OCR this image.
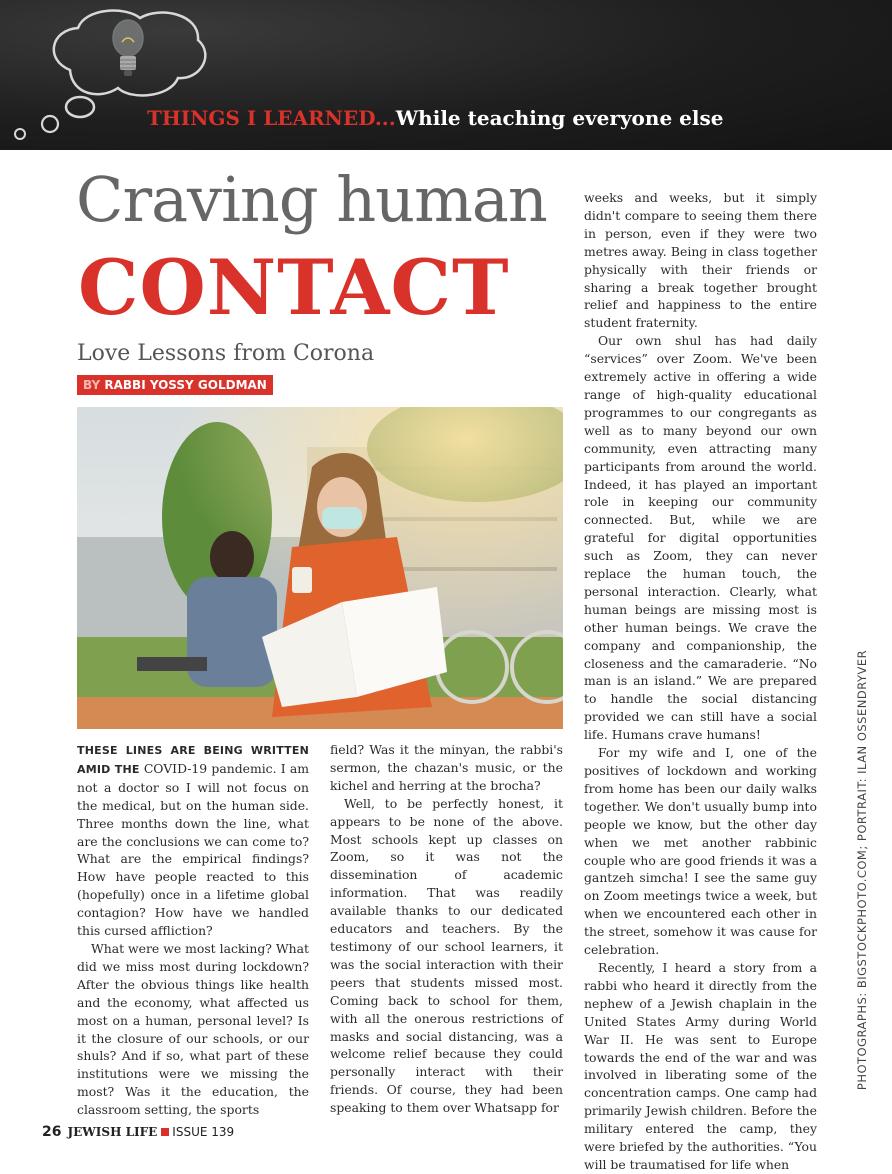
THINGS I LEARNED...While teaching everyone else
Craving human
CONTACT
Love Lessons from Corona
BY RABBI YOSSY GOLDMAN

THESE LINES ARE BEING WRITTEN AMID THE COVID-19 pandemic. I am not a doctor so I will not focus on the medical, but on the human side. Three months down the line, what are the conclusions we can come to? What are the empirical findings? How have people reacted to this (hopefully) once in a lifetime global contagion? How have we handled this cursed affliction?

What were we most lacking? What did we miss most during lockdown? After the obvious things like health and the economy, what affected us most on a human, personal level? Is it the closure of our schools, or our shuls? And if so, what part of these institutions were we missing the most? Was it the education, the classroom setting, the sports

field? Was it the minyan, the rabbi's sermon, the chazan's music, or the kichel and herring at the brocha?

Well, to be perfectly honest, it appears to be none of the above. Most schools kept up classes on Zoom, so it was not the dissemination of academic information. That was readily available thanks to our dedicated educators and teachers. By the testimony of our school learners, it was the social interaction with their peers that students missed most. Coming back to school for them, with all the onerous restrictions of masks and social distancing, was a welcome relief because they could personally interact with their friends. Of course, they had been speaking to them over Whatsapp for

weeks and weeks, but it simply didn't compare to seeing them there in person, even if they were two metres away. Being in class together physically with their friends or sharing a break together brought relief and happiness to the entire student fraternity.

Our own shul has had daily “services” over Zoom. We've been extremely active in offering a wide range of high-quality educational programmes to our congregants as well as to many beyond our own community, even attracting many participants from around the world. Indeed, it has played an important role in keeping our community connected. But, while we are grateful for digital opportunities such as Zoom, they can never replace the human touch, the personal interaction. Clearly, what human beings are missing most is other human beings. We crave the company and companionship, the closeness and the camaraderie. “No man is an island.” We are prepared to handle the social distancing provided we can still have a social life. Humans crave humans!

For my wife and I, one of the positives of lockdown and working from home has been our daily walks together. We don't usually bump into people we know, but the other day when we met another rabbinic couple who are good friends it was a gantzeh simcha! I see the same guy on Zoom meetings twice a week, but when we encountered each other in the street, somehow it was cause for celebration.

Recently, I heard a story from a rabbi who heard it directly from the nephew of a Jewish chaplain in the United States Army during World War II. He was sent to Europe towards the end of the war and was involved in liberating some of the concentration camps. One camp had primarily Jewish children. Before the military entered the camp, they were briefed by the authorities. “You will be traumatised for life when

PHOTOGRAPHS: BIGSTOCKPHOTO.COM; PORTRAIT: ILAN OSSENDRYVER
26 JEWISH LIFE ISSUE 139
